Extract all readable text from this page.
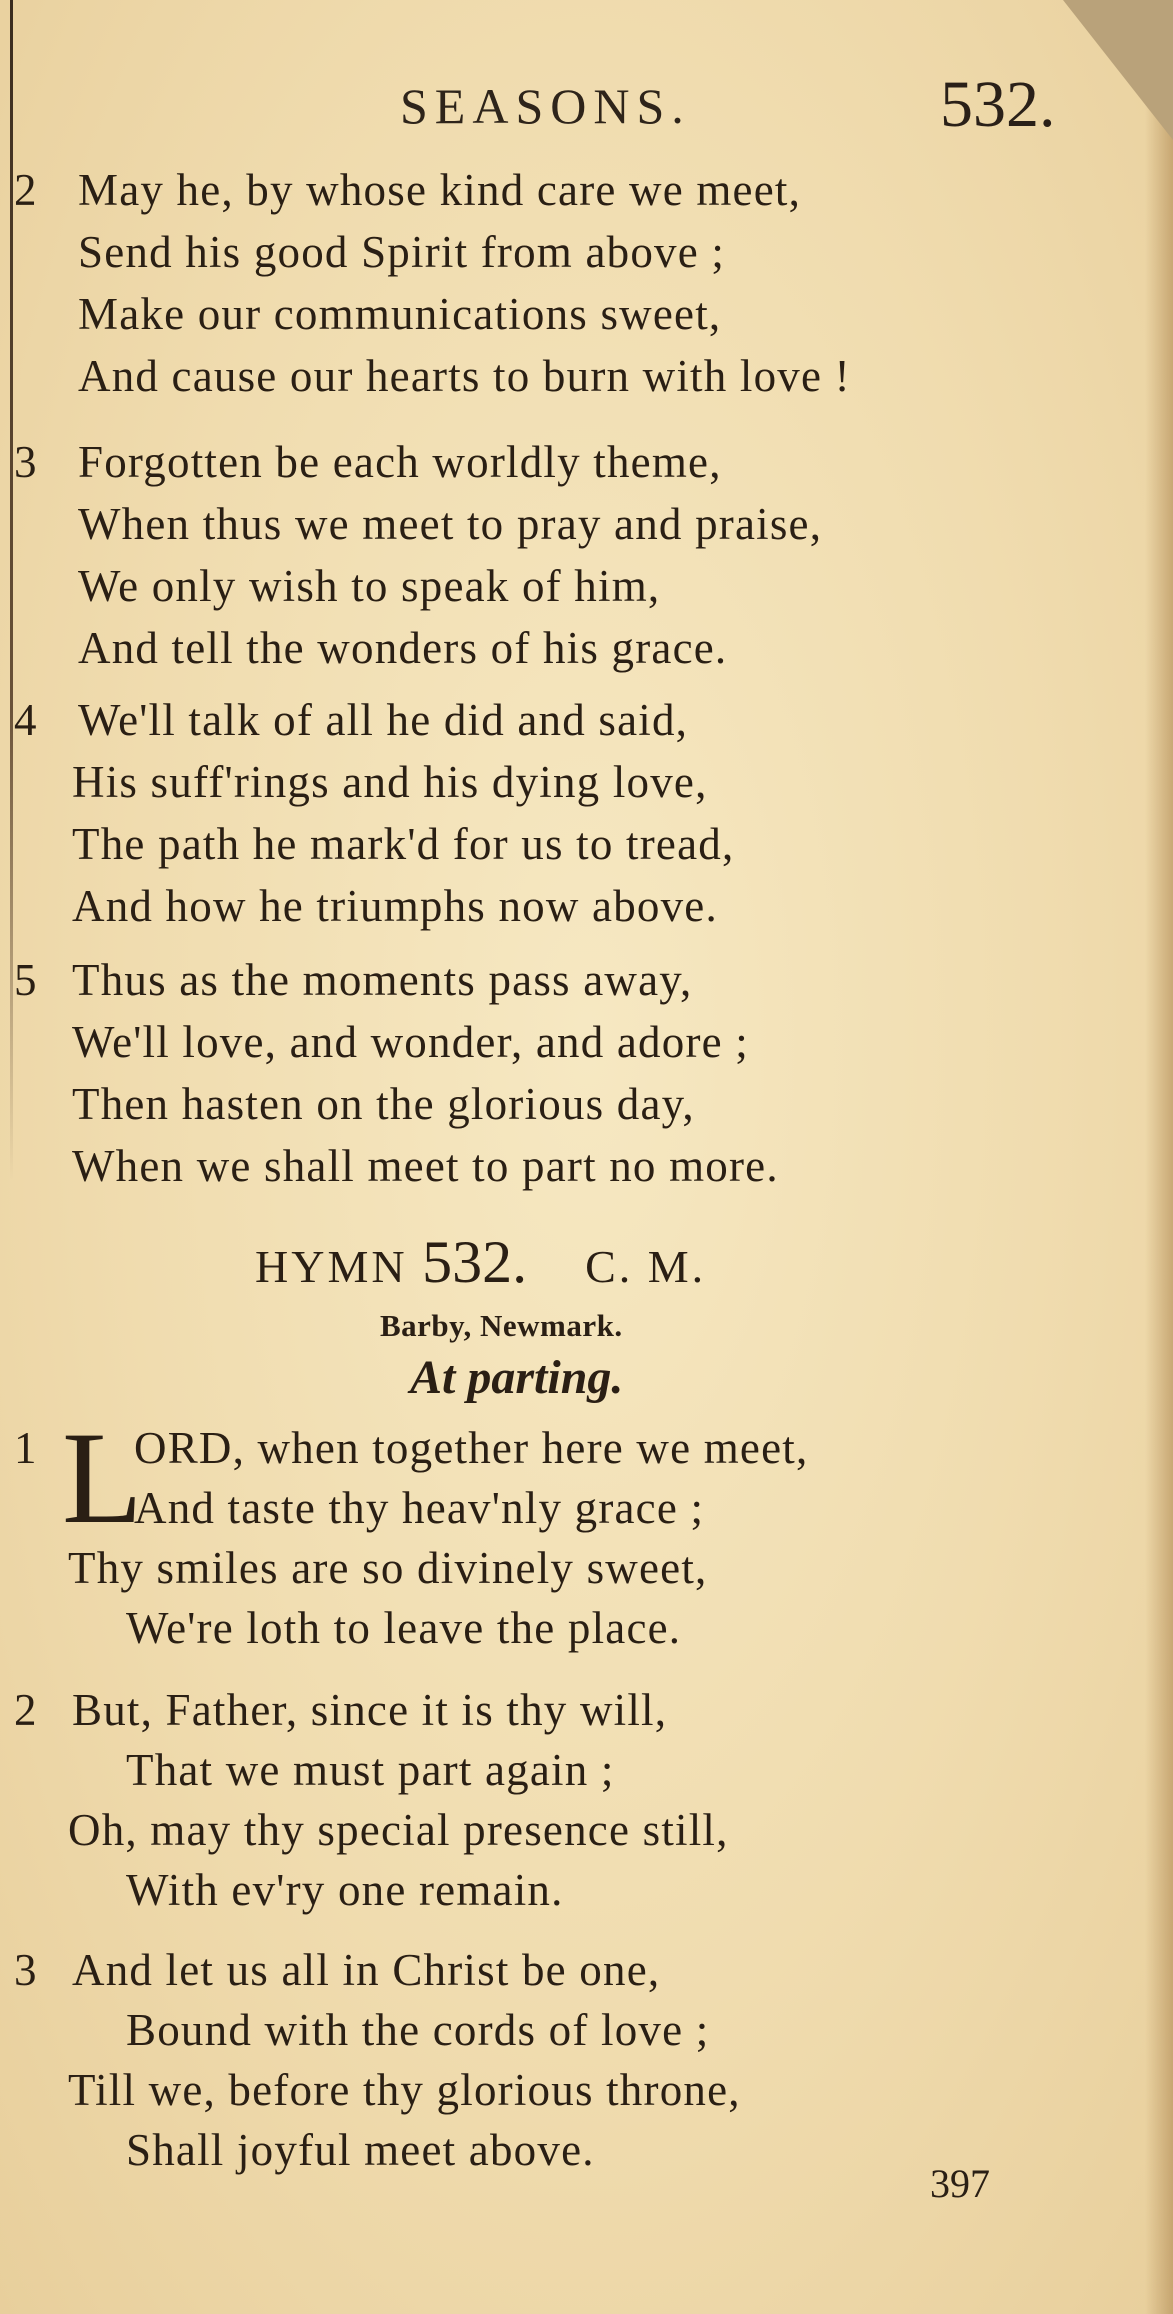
SEASONS.	532.
2 May he, by whose kind care we meet,
Send his good Spirit from above ;
Make our communications sweet,
And cause our hearts to burn with love !
3 Forgotten be each worldly theme,
When thus we meet to pray and praise,
We only wish to speak of him,
And tell the wonders of his grace.
4 We'll talk of all he did and said,
His suff'rings and his dying love,
The path he mark'd for us to tread,
And how he triumphs now above.
5 Thus as the moments pass away,
We'll love, and wonder, and adore ;
Then hasten on the glorious day,
When we shall meet to part no more.
HYMN 532. C. M.
Barby, Newmark.
At parting.
1 L
ORD, when together here we meet,
And taste thy heav'nly grace ;
Thy smiles are so divinely sweet,
We're loth to leave the place.
2 But, Father, since it is thy will,
That we must part again ;
Oh, may thy special presence still,
With ev'ry one remain.
3 And let us all in Christ be one,
Bound with the cords of love ;
Till we, before thy glorious throne,
Shall joyful meet above.
397
